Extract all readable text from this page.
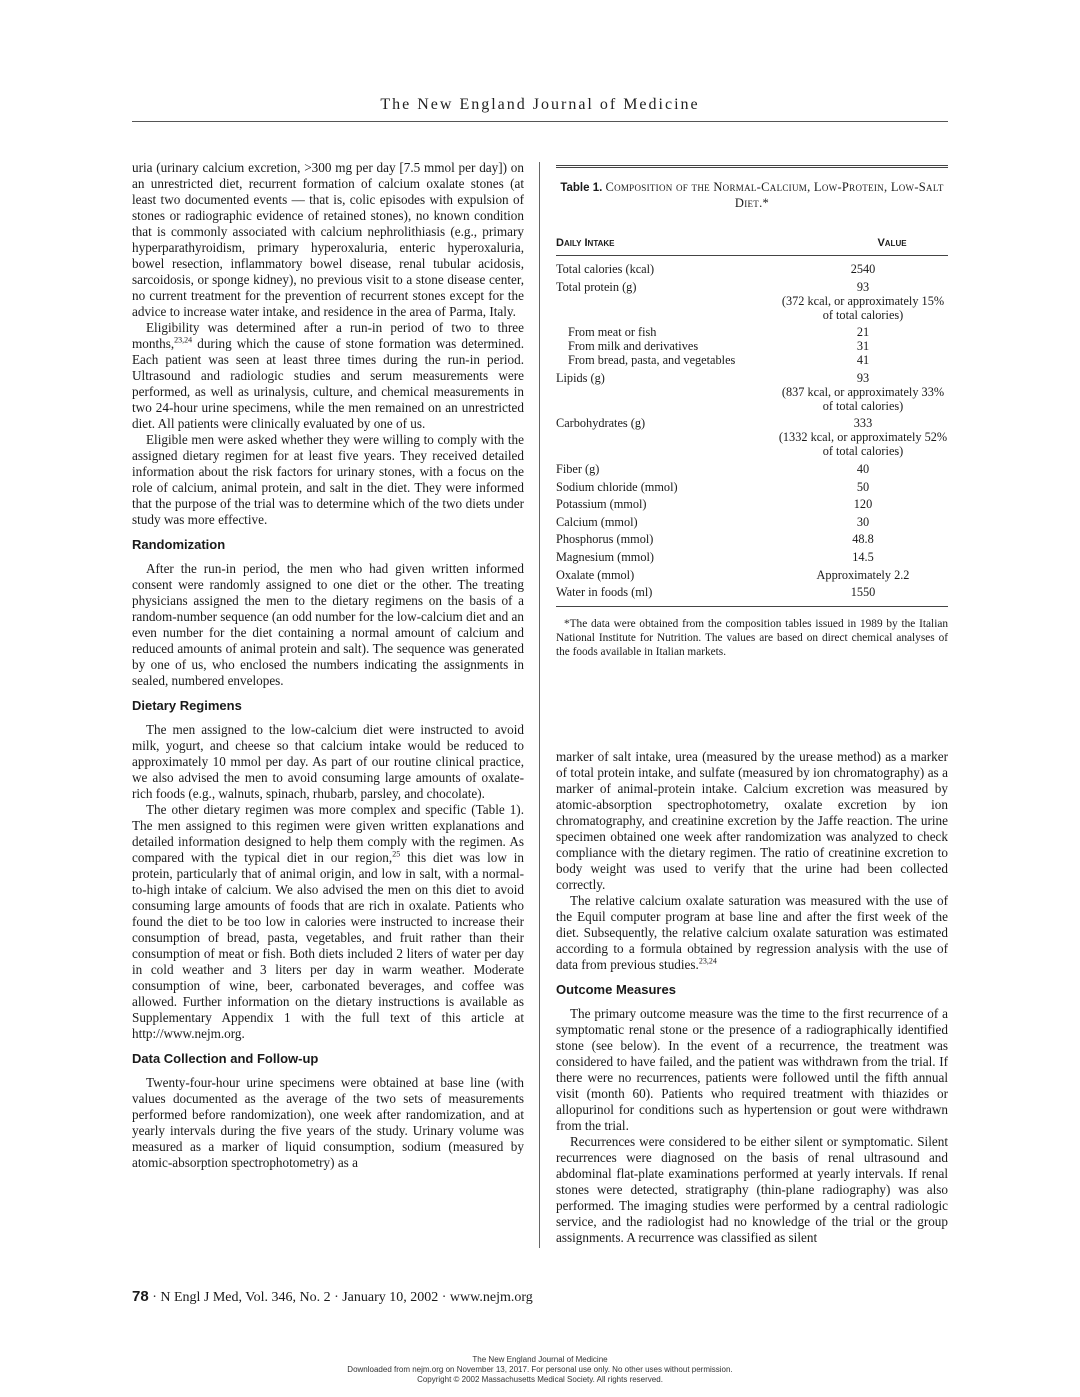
The New England Journal of Medicine

uria (urinary calcium excretion, >300 mg per day [7.5 mmol per day]) on an unrestricted diet, recurrent formation of calcium oxalate stones (at least two documented events — that is, colic episodes with expulsion of stones or radiographic evidence of retained stones), no known condition that is commonly associated with calcium nephrolithiasis (e.g., primary hyperparathyroidism, primary hyperoxaluria, enteric hyperoxaluria, bowel resection, inflammatory bowel disease, renal tubular acidosis, sarcoidosis, or sponge kidney), no previous visit to a stone disease center, no current treatment for the prevention of recurrent stones except for the advice to increase water intake, and residence in the area of Parma, Italy.

Eligibility was determined after a run-in period of two to three months,$^{23,24}$ during which the cause of stone formation was determined. Each patient was seen at least three times during the run-in period. Ultrasound and radiologic studies and serum measurements were performed, as well as urinalysis, culture, and chemical measurements in two 24-hour urine specimens, while the men remained on an unrestricted diet. All patients were clinically evaluated by one of us.

Eligible men were asked whether they were willing to comply with the assigned dietary regimen for at least five years. They received detailed information about the risk factors for urinary stones, with a focus on the role of calcium, animal protein, and salt in the diet. They were informed that the purpose of the trial was to determine which of the two diets under study was more effective.

Randomization

After the run-in period, the men who had given written informed consent were randomly assigned to one diet or the other. The treating physicians assigned the men to the dietary regimens on the basis of a random-number sequence (an odd number for the low-calcium diet and an even number for the diet containing a normal amount of calcium and reduced amounts of animal protein and salt). The sequence was generated by one of us, who enclosed the numbers indicating the assignments in sealed, numbered envelopes.

Dietary Regimens

The men assigned to the low-calcium diet were instructed to avoid milk, yogurt, and cheese so that calcium intake would be reduced to approximately 10 mmol per day. As part of our routine clinical practice, we also advised the men to avoid consuming large amounts of oxalate-rich foods (e.g., walnuts, spinach, rhubarb, parsley, and chocolate).

The other dietary regimen was more complex and specific (Table 1). The men assigned to this regimen were given written explanations and detailed information designed to help them comply with the regimen. As compared with the typical diet in our region,$^{25}$ this diet was low in protein, particularly that of animal origin, and low in salt, with a normal-to-high intake of calcium. We also advised the men on this diet to avoid consuming large amounts of foods that are rich in oxalate. Patients who found the diet to be too low in calories were instructed to increase their consumption of bread, pasta, vegetables, and fruit rather than their consumption of meat or fish. Both diets included 2 liters of water per day in cold weather and 3 liters per day in warm weather. Moderate consumption of wine, beer, carbonated beverages, and coffee was allowed. Further information on the dietary instructions is available as Supplementary Appendix 1 with the full text of this article at http://www.nejm.org.

Data Collection and Follow-up

Twenty-four-hour urine specimens were obtained at base line (with values documented as the average of the two sets of measurements performed before randomization), one week after randomization, and at yearly intervals during the five years of the study. Urinary volume was measured as a marker of liquid consumption, sodium (measured by atomic-absorption spectrophotometry) as a

Table 1. Composition of the Normal-Calcium, Low-Protein, Low-Salt Diet.*
Daily Intake	Value
Total calories (kcal)	2540
Total protein (g)	93
(372 kcal, or approximately 15% of total calories)
From meat or fish	21
From milk and derivatives	31
From bread, pasta, and vegetables	41
Lipids (g)	93
(837 kcal, or approximately 33% of total calories)
Carbohydrates (g)	333
(1332 kcal, or approximately 52% of total calories)
Fiber (g)	40
Sodium chloride (mmol)	50
Potassium (mmol)	120
Calcium (mmol)	30
Phosphorus (mmol)	48.8
Magnesium (mmol)	14.5
Oxalate (mmol)	Approximately 2.2
Water in foods (ml)	1550
*The data were obtained from the composition tables issued in 1989 by the Italian National Institute for Nutrition. The values are based on direct chemical analyses of the foods available in Italian markets.

marker of salt intake, urea (measured by the urease method) as a marker of total protein intake, and sulfate (measured by ion chromatography) as a marker of animal-protein intake. Calcium excretion was measured by atomic-absorption spectrophotometry, oxalate excretion by ion chromatography, and creatinine excretion by the Jaffe reaction. The urine specimen obtained one week after randomization was analyzed to check compliance with the dietary regimen. The ratio of creatinine excretion to body weight was used to verify that the urine had been collected correctly.

The relative calcium oxalate saturation was measured with the use of the Equil computer program at base line and after the first week of the diet. Subsequently, the relative calcium oxalate saturation was estimated according to a formula obtained by regression analysis with the use of data from previous studies.$^{23,24}$

Outcome Measures

The primary outcome measure was the time to the first recurrence of a symptomatic renal stone or the presence of a radiographically identified stone (see below). In the event of a recurrence, the treatment was considered to have failed, and the patient was withdrawn from the trial. If there were no recurrences, patients were followed until the fifth annual visit (month 60). Patients who required treatment with thiazides or allopurinol for conditions such as hypertension or gout were withdrawn from the trial.

Recurrences were considered to be either silent or symptomatic. Silent recurrences were diagnosed on the basis of renal ultrasound and abdominal flat-plate examinations performed at yearly intervals. If renal stones were detected, stratigraphy (thin-plane radiography) was also performed. The imaging studies were performed by a central radiologic service, and the radiologist had no knowledge of the trial or the group assignments. A recurrence was classified as silent

78 · N Engl J Med, Vol. 346, No. 2 · January 10, 2002 · www.nejm.org
The New England Journal of Medicine
Downloaded from nejm.org on November 13, 2017. For personal use only. No other uses without permission.
Copyright © 2002 Massachusetts Medical Society. All rights reserved.
